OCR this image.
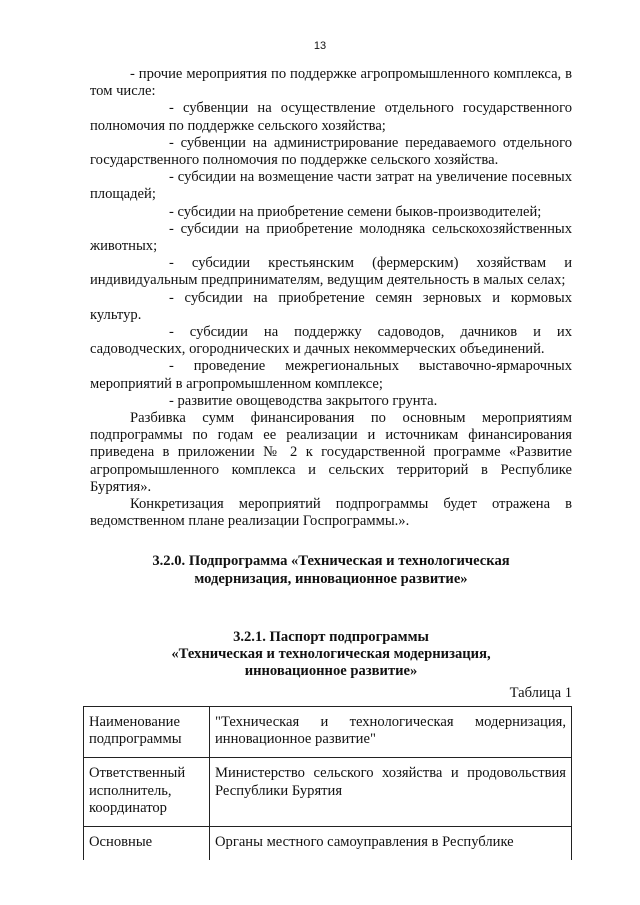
13

- прочие мероприятия по поддержке агропромышленного комплекса, в том числе:

- субвенции на осуществление отдельного государственного полномочия по поддержке сельского хозяйства;

- субвенции на администрирование передаваемого отдельного государственного полномочия по поддержке сельского хозяйства.

- субсидии на возмещение части затрат на увеличение посевных площадей;

- субсидии на приобретение семени быков-производителей;

- субсидии на приобретение молодняка сельскохозяйственных животных;

- субсидии крестьянским (фермерским) хозяйствам и индивидуальным предпринимателям, ведущим деятельность в малых селах;

- субсидии на приобретение семян зерновых и кормовых культур.

- субсидии на поддержку садоводов, дачников и их садоводческих, огороднических и дачных некоммерческих объединений.

- проведение межрегиональных выставочно-ярмарочных мероприятий в агропромышленном комплексе;

- развитие овощеводства закрытого грунта.

Разбивка сумм финансирования по основным мероприятиям подпрограммы по годам ее реализации и источникам финансирования приведена в приложении № 2 к государственной программе «Развитие агропромышленного комплекса и сельских территорий в Республике Бурятия».

Конкретизация мероприятий подпрограммы будет отражена в ведомственном плане реализации Госпрограммы.».

3.2.0. Подпрограмма «Техническая и технологическая
модернизация, инновационное развитие»

3.2.1. Паспорт подпрограммы
«Техническая и технологическая модернизация,
инновационное развитие»

Таблица 1

Наименование подпрограммы	"Техническая и технологическая модернизация, инновационное развитие"
Ответственный исполнитель, координатор	Министерство сельского хозяйства и продовольствия Республики Бурятия
Основные	Органы местного самоуправления в Республике
